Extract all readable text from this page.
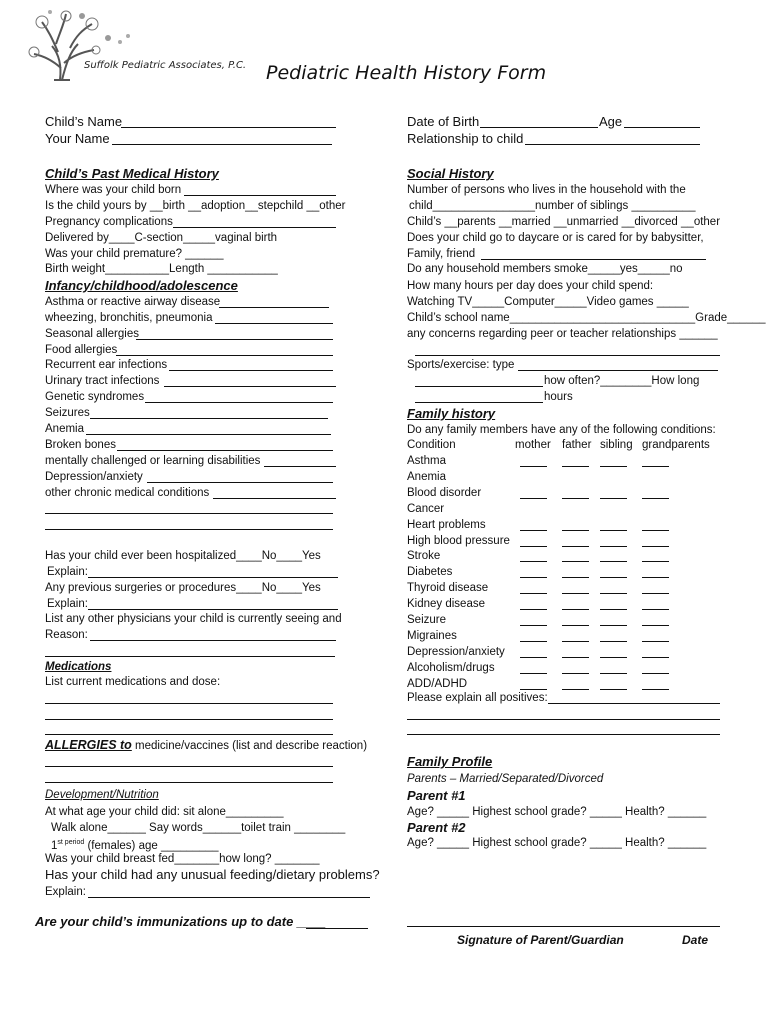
Suffolk Pediatric Associates, P.C. Pediatric Health History Form
Child’s Name
Your Name
Date of Birth	Age
Relationship to child
Child’s Past Medical History
Where was your child born
Is the child yours by __birth __adoption__stepchild __other
Pregnancy complications
Delivered by____C-section_____vaginal birth
Was your child premature? ______
Birth weight__________Length ___________
Infancy/childhood/adolescence
Asthma or reactive airway disease
wheezing, bronchitis, pneumonia
Seasonal allergies
Food allergies
Recurrent ear infections
Urinary tract infections
Genetic syndromes
Seizures
Anemia
Broken bones
mentally challenged or learning disabilities
Depression/anxiety
other chronic medical conditions
Has your child ever been hospitalized____No____Yes
Explain:
Any previous surgeries or procedures____No____Yes
Explain:
List any other physicians your child is currently seeing and
Reason:
Medications
List current medications and dose:
ALLERGIES to medicine/vaccines (list and describe reaction)
Development/Nutrition
At what age your child did: sit alone_________
Walk alone______ Say words______toilet train ________
$1^{st period}$ (females) age _________
Was your child breast fed_______how long? _______
Has your child had any unusual feeding/dietary problems?
Explain:
Are your child’s immunizations up to date ____
Social History
Number of persons who lives in the household with the
child________________number of siblings __________
Child’s __parents __married __unmarried __divorced __other
Does your child go to daycare or is cared for by babysitter,
Family, friend
Do any household members smoke_____yes_____no
How many hours per day does your child spend:
Watching TV_____Computer_____Video games _____
Child’s school name_____________________________Grade______
any concerns regarding peer or teacher relationships ______
Sports/exercise: type
how often?________How long
hours
Family history
Do any family members have any of the following conditions:
Condition	mother father sibling grandparents
Asthma
Anemia
Blood disorder
Cancer
Heart problems
High blood pressure
Stroke
Diabetes
Thyroid disease
Kidney disease
Seizure
Migraines
Depression/anxiety
Alcoholism/drugs
ADD/ADHD
Please explain all positives:
Family Profile
Parents – Married/Separated/Divorced
Parent #1
Age? _____ Highest school grade? _____ Health? ______
Parent #2
Age? _____ Highest school grade? _____ Health? ______
Signature of Parent/Guardian	Date
